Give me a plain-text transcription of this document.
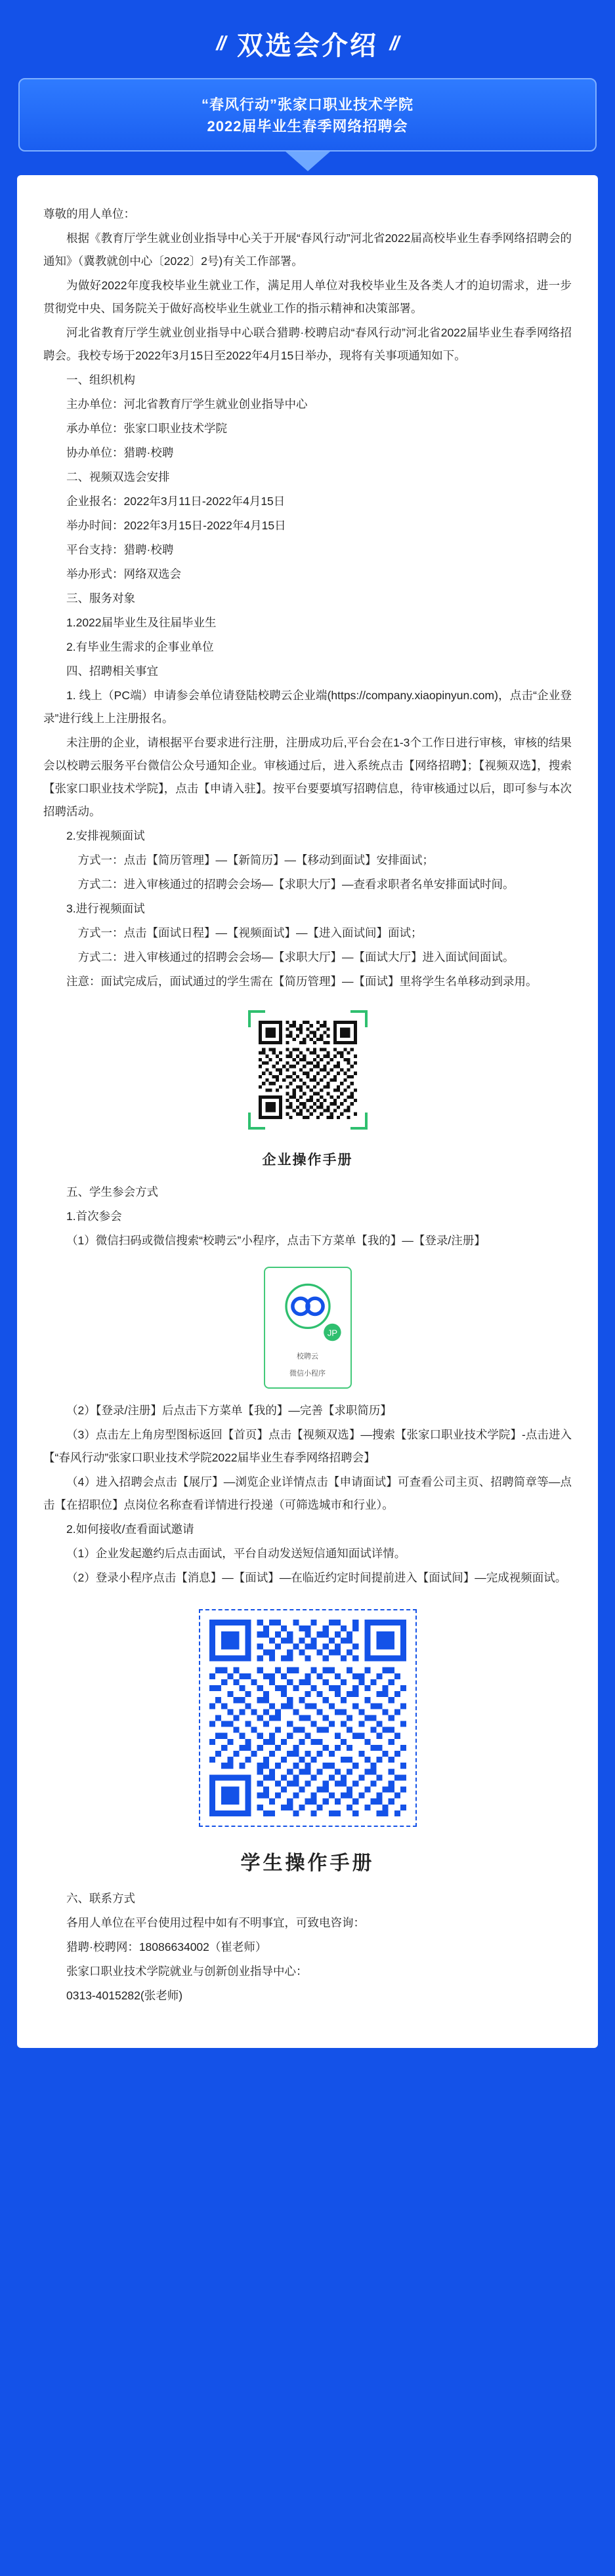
// 双选会介绍 //
“春风行动”张家口职业技术学院
2022届毕业生春季网络招聘会

尊敬的用人单位：

根据《教育厅学生就业创业指导中心关于开展“春风行动”河北省2022届高校毕业生春季网络招聘会的通知》（冀教就创中心〔2022〕2号)有关工作部署。

为做好2022年度我校毕业生就业工作，满足用人单位对我校毕业生及各类人才的迫切需求，进一步贯彻党中央、国务院关于做好高校毕业生就业工作的指示精神和决策部署。

河北省教育厅学生就业创业指导中心联合猎聘·校聘启动“春风行动”河北省2022届毕业生春季网络招聘会。我校专场于2022年3月15日至2022年4月15日举办，现将有关事项通知如下。

一、组织机构

主办单位：河北省教育厅学生就业创业指导中心

承办单位：张家口职业技术学院

协办单位：猎聘·校聘

二、视频双选会安排

企业报名：2022年3月11日-2022年4月15日

举办时间：2022年3月15日-2022年4月15日

平台支持：猎聘·校聘

举办形式：网络双选会

三、服务对象

1.2022届毕业生及往届毕业生

2.有毕业生需求的企事业单位

四、招聘相关事宜

1. 线上（PC端）申请参会单位请登陆校聘云企业端(https://company.xiaopinyun.com)，点击“企业登录”进行线上上注册报名。

未注册的企业，请根据平台要求进行注册，注册成功后,平台会在1-3个工作日进行审核，审核的结果会以校聘云服务平台微信公众号通知企业。审核通过后，进入系统点击【网络招聘】；【视频双选】，搜索【张家口职业技术学院】，点击【申请入驻】。按平台要要填写招聘信息，待审核通过以后，即可参与本次招聘活动。

2.安排视频面试

方式一：点击【简历管理】—【新简历】—【移动到面试】安排面试；

方式二：进入审核通过的招聘会会场—【求职大厅】—查看求职者名单安排面试时间。

3.进行视频面试

方式一：点击【面试日程】—【视频面试】—【进入面试间】面试；

方式二：进入审核通过的招聘会会场—【求职大厅】—【面试大厅】进入面试间面试。

注意：面试完成后，面试通过的学生需在【简历管理】—【面试】里将学生名单移动到录用。

企业操作手册

五、学生参会方式

1.首次参会

（1）微信扫码或微信搜索“校聘云”小程序，点击下方菜单【我的】—【登录/注册】

JP
校聘云
微信小程序

（2）【登录/注册】后点击下方菜单【我的】—完善【求职简历】

（3）点击左上角房型图标返回【首页】点击【视频双选】—搜索【张家口职业技术学院】-点击进入【“春风行动”张家口职业技术学院2022届毕业生春季网络招聘会】

（4）进入招聘会点击【展厅】—浏览企业详情点击【申请面试】可查看公司主页、招聘简章等—点击【在招职位】点岗位名称查看详情进行投递（可筛选城市和行业）。

2.如何接收/查看面试邀请

（1）企业发起邀约后点击面试，平台自动发送短信通知面试详情。

（2）登录小程序点击【消息】—【面试】—在临近约定时间提前进入【面试间】—完成视频面试。

学生操作手册

六、联系方式

各用人单位在平台使用过程中如有不明事宜，可致电咨询：

猎聘·校聘网：18086634002（崔老师）

张家口职业技术学院就业与创新创业指导中心：

0313-4015282(张老师)
